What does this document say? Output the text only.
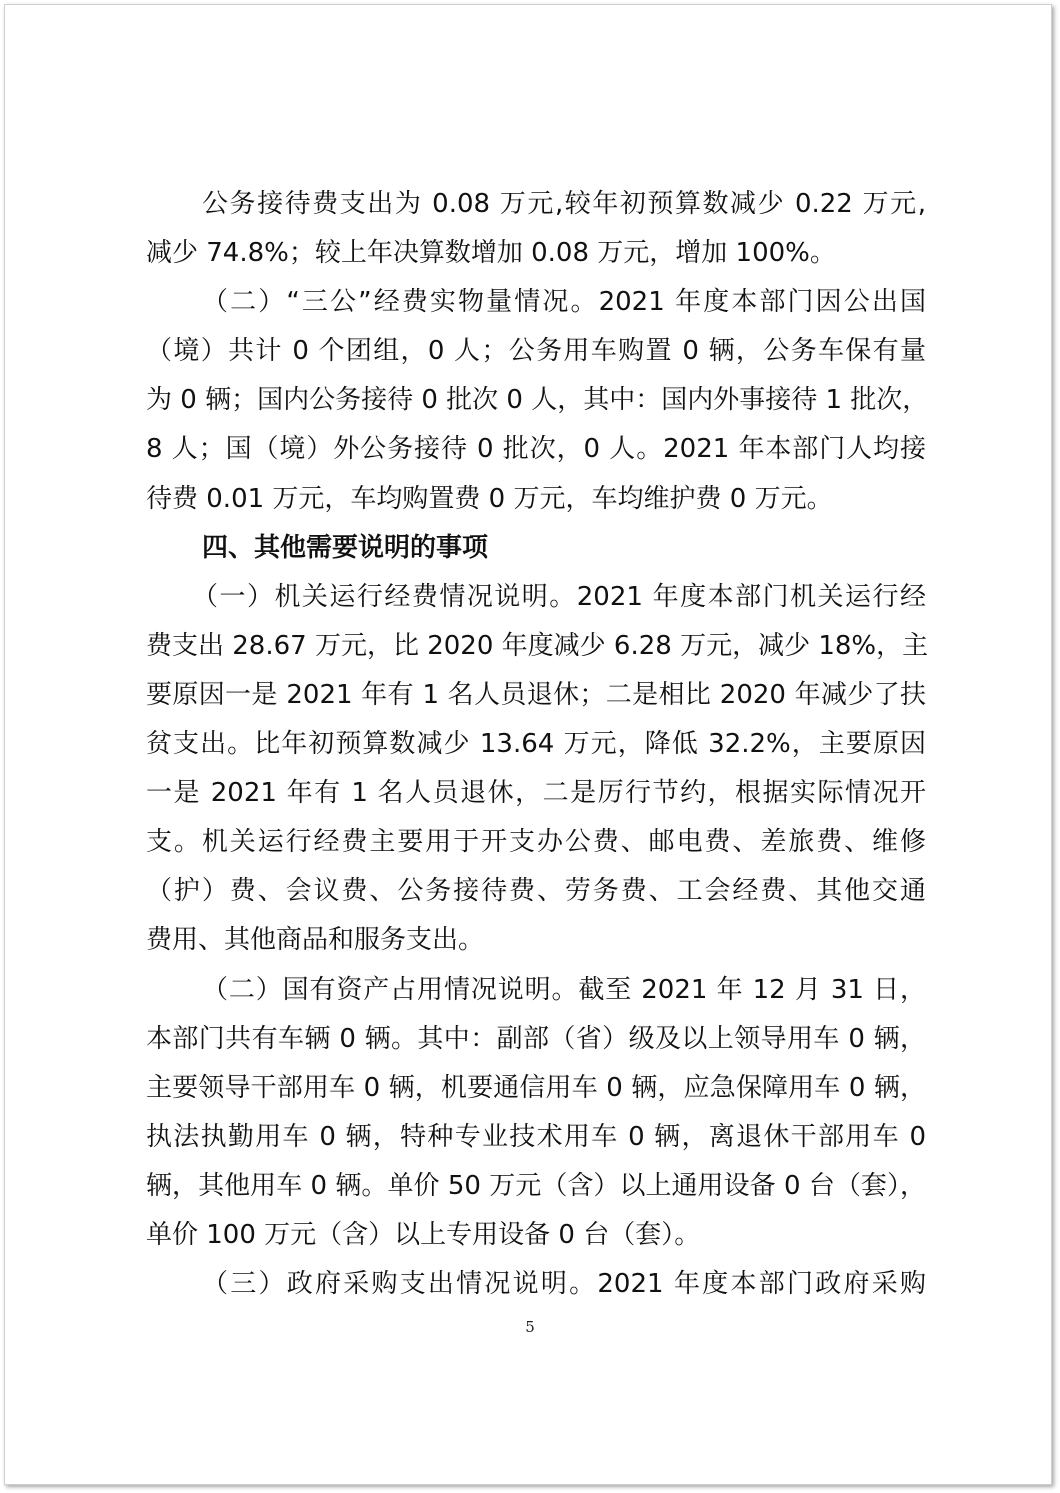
公务接待费支出为 0.08 万元,较年初预算数减少 0.22 万元,
减少 74.8%；较上年决算数增加 0.08 万元，增加 100%。
（二）“三公”经费实物量情况。2021 年度本部门因公出国
（境）共计 0 个团组，0 人；公务用车购置 0 辆，公务车保有量
为 0 辆；国内公务接待 0 批次 0 人，其中：国内外事接待 1 批次，
8 人；国（境）外公务接待 0 批次，0 人。2021 年本部门人均接
待费 0.01 万元，车均购置费 0 万元，车均维护费 0 万元。
四、其他需要说明的事项
（一）机关运行经费情况说明。2021 年度本部门机关运行经
费支出 28.67 万元，比 2020 年度减少 6.28 万元，减少 18%，主
要原因一是 2021 年有 1 名人员退休；二是相比 2020 年减少了扶
贫支出。比年初预算数减少 13.64 万元，降低 32.2%，主要原因
一是 2021 年有 1 名人员退休，二是厉行节约，根据实际情况开
支。机关运行经费主要用于开支办公费、邮电费、差旅费、维修
（护）费、会议费、公务接待费、劳务费、工会经费、其他交通
费用、其他商品和服务支出。
（二）国有资产占用情况说明。截至 2021 年 12 月 31 日，
本部门共有车辆 0 辆。其中：副部（省）级及以上领导用车 0 辆，
主要领导干部用车 0 辆，机要通信用车 0 辆，应急保障用车 0 辆，
执法执勤用车 0 辆，特种专业技术用车 0 辆，离退休干部用车 0
辆，其他用车 0 辆。单价 50 万元（含）以上通用设备 0 台（套），
单价 100 万元（含）以上专用设备 0 台（套）。
（三）政府采购支出情况说明。2021 年度本部门政府采购
5
